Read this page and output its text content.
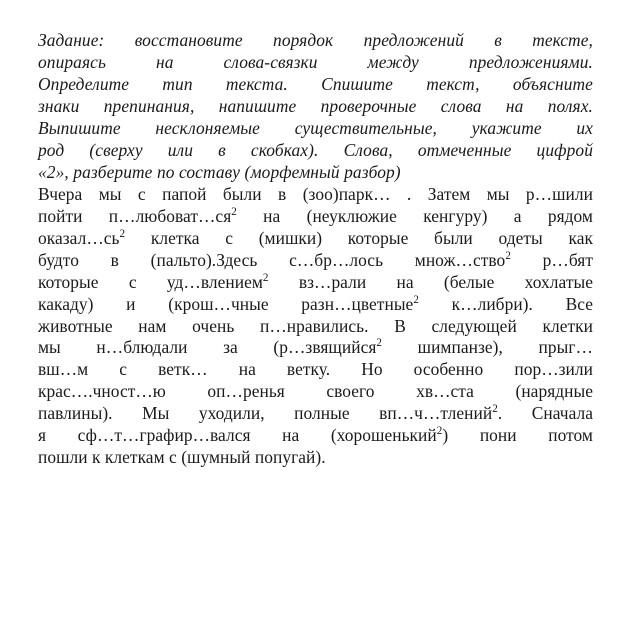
Задание: восстановите порядок предложений в тексте,
опираясь на слова-связки между предложениями.
Определите тип текста. Спишите текст, объясните
знаки препинания, напишите проверочные слова на полях.
Выпишите несклоняемые существительные, укажите их
род (сверху или в скобках). Слова, отмеченные цифрой
«2», разберите по составу (морфемный разбор)
Вчера мы с папой были в (зоо)парк… . Затем мы р…шили
пойти $п\dots любоват\dots ся^2$ на (неуклюжие кенгуру) а рядом
$оказал\dots сь^2$ клетка с (мишки) которые были одеты как
будто в (пальто).Здесь с…бр…лось множ…ство$^2$ р…бят
которые с уд…влением$^2$ вз…рали на (белые хохлатые
какаду) и (крош…чные разн…цветные$^2$ к…либри). Все
животные нам очень п…нравились. В следующей клетки
мы н…блюдали за (р…звящийся$^2$ шимпанзе), прыг…
вш…м с ветк… на ветку. Но особенно пор…зили
крас….чност…ю оп…ренья своего хв…ста (нарядные
павлины). Мы уходили, полные вп…ч…тлений$^2$. Сначала
я сф…т…графир…вался на (хорошенький$^2$) пони потом
пошли к клеткам с (шумный попугай).
